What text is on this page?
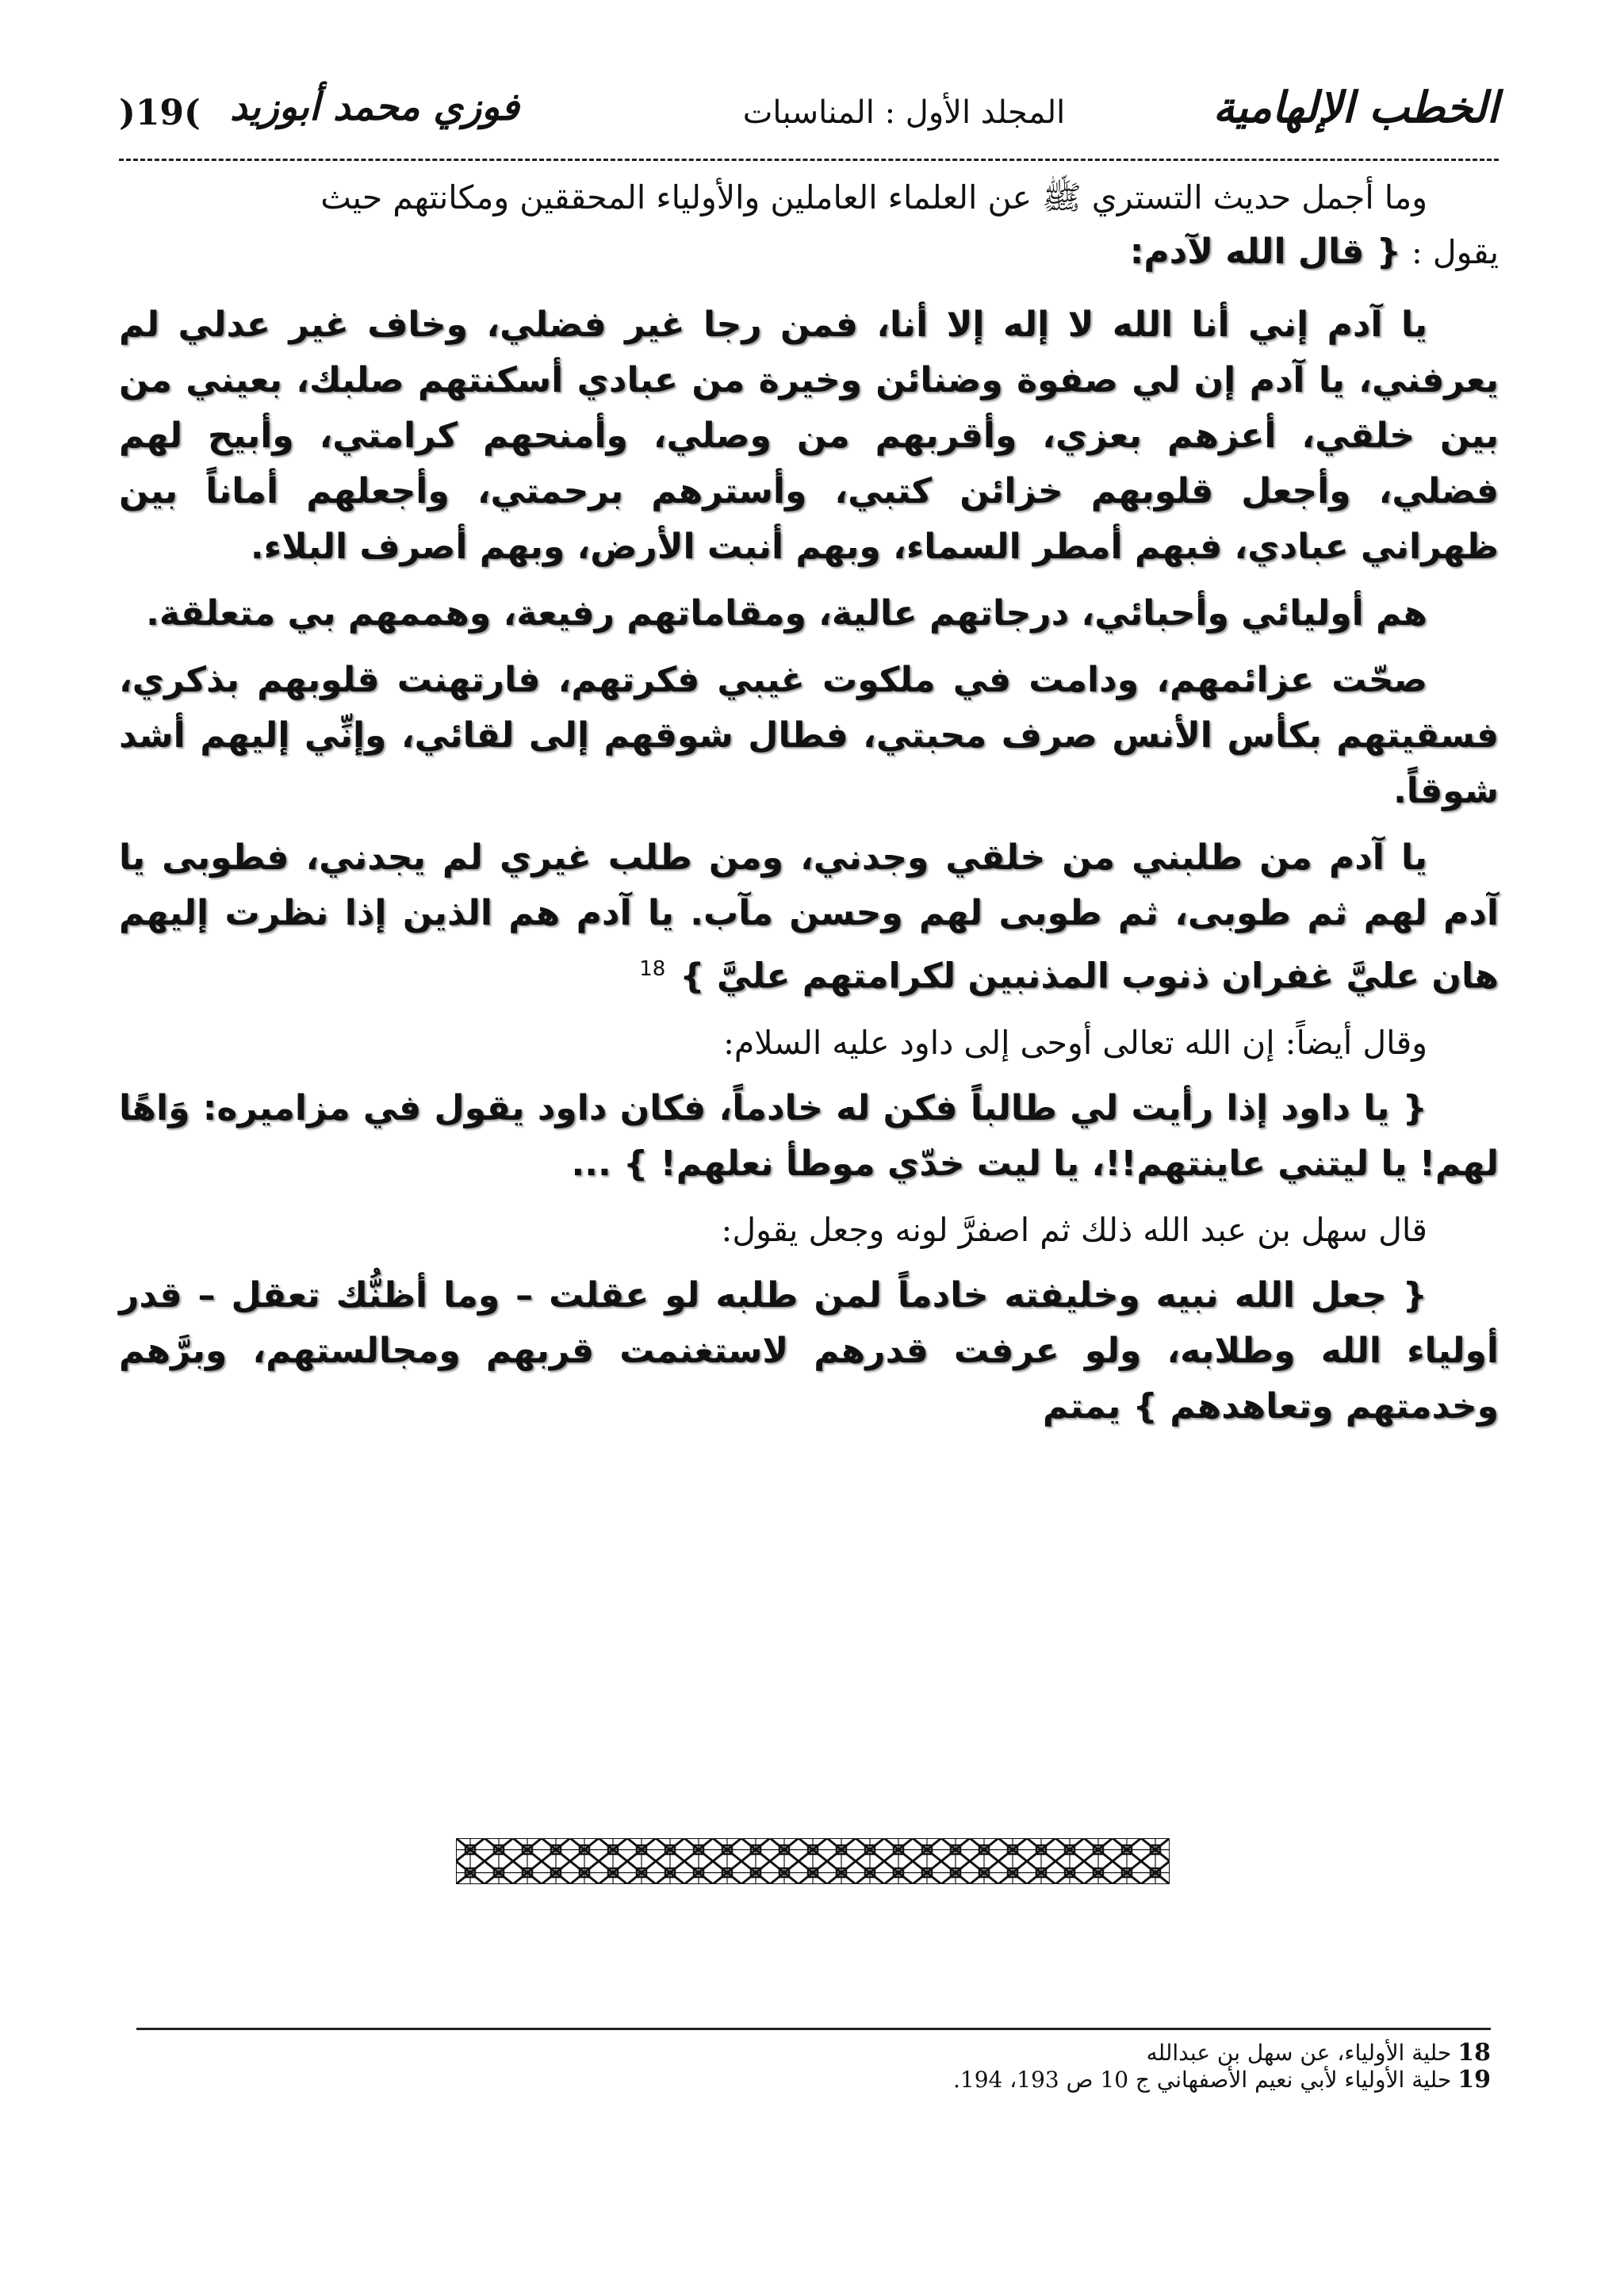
الخطب الإلهامية
المجلد الأول : المناسبات
فوزي محمد أبوزيد
)19(

وما أجمل حديث التستري ﷺ عن العلماء العاملين والأولياء المحققين ومكانتهم حيث
يقول : { قال الله لآدم:

يا آدم إني أنا الله لا إله إلا أنا، فمن رجا غير فضلي، وخاف غير عدلي لم يعرفني، يا آدم إن لي صفوة وضنائن وخيرة من عبادي أسكنتهم صلبك، بعيني من بين خلقي، أعزهم بعزي، وأقربهم من وصلي، وأمنحهم كرامتي، وأبيح لهم فضلي، وأجعل قلوبهم خزائن كتبي، وأسترهم برحمتي، وأجعلهم أماناً بين ظهراني عبادي، فبهم أمطر السماء، وبهم أنبت الأرض، وبهم أصرف البلاء.

هم أوليائي وأحبائي، درجاتهم عالية، ومقاماتهم رفيعة، وهممهم بي متعلقة.

صحّت عزائمهم، ودامت في ملكوت غيبي فكرتهم، فارتهنت قلوبهم بذكري، فسقيتهم بكأس الأنس صرف محبتي، فطال شوقهم إلى لقائي، وإنِّي إليهم أشد شوقاً.

يا آدم من طلبني من خلقي وجدني، ومن طلب غيري لم يجدني، فطوبى يا آدم لهم ثم طوبى، ثم طوبى لهم وحسن مآب. يا آدم هم الذين إذا نظرت إليهم هان عليَّ غفران ذنوب المذنبين لكرامتهم عليَّ }$^{18}$

وقال أيضاً: إن الله تعالى أوحى إلى داود عليه السلام:

{ يا داود إذا رأيت لي طالباً فكن له خادماً، فكان داود يقول في مزاميره: وَاهًا لهم! يا ليتني عاينتهم!!، يا ليت خدّي موطأ نعلهم! } ...

قال سهل بن عبد الله ذلك ثم اصفرَّ لونه وجعل يقول:

{ جعل الله نبيه وخليفته خادماً لمن طلبه لو عقلت – وما أظنُّك تعقل – قدر أولياء الله وطلابه، ولو عرفت قدرهم لاستغنمت قربهم ومجالستهم، وبرَّهم وخدمتهم وتعاهدهم } يمتم

18حلية الأولياء، عن سهل بن عبدالله
19حلية الأولياء لأبي نعيم الأصفهاني ج 10 ص 193، 194.
